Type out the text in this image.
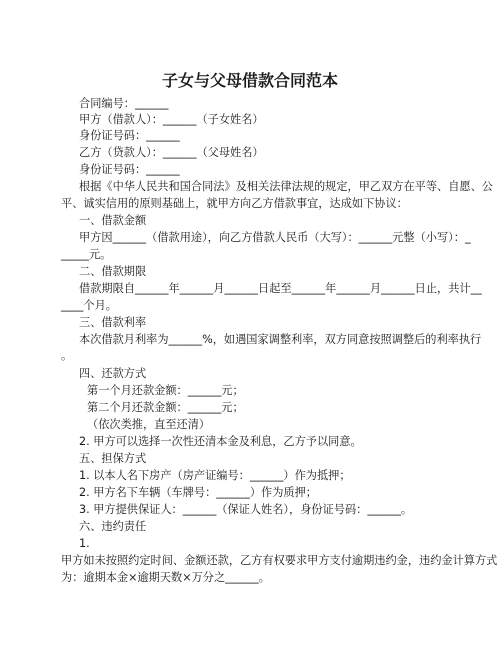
子女与父母借款合同范本
合同编号：______
甲方（借款人）：______（子女姓名）
身份证号码：______
乙方（贷款人）：______（父母姓名）
身份证号码：______
根据《中华人民共和国合同法》及相关法律法规的规定，甲乙双方在平等、自愿、公
平、诚实信用的原则基础上，就甲方向乙方借款事宜，达成如下协议：
一、借款金额
甲方因______（借款用途），向乙方借款人民币（大写）：______元整（小写）：_
_____元。
二、借款期限
借款期限自______年______月______日起至______年______月______日止，共计__
____个月。
三、借款利率
本次借款月利率为______%，如遇国家调整利率，双方同意按照调整后的利率执行
。
四、还款方式
第一个月还款金额：______元；
第二个月还款金额：______元；
（依次类推，直至还清）
2. 甲方可以选择一次性还清本金及利息，乙方予以同意。
五、担保方式
1. 以本人名下房产（房产证编号：______）作为抵押；
2. 甲方名下车辆（车牌号：______）作为质押；
3. 甲方提供保证人：______（保证人姓名），身份证号码：______。
六、违约责任
1.
甲方如未按照约定时间、金额还款，乙方有权要求甲方支付逾期违约金，违约金计算方式
为：逾期本金×逾期天数×万分之______。
